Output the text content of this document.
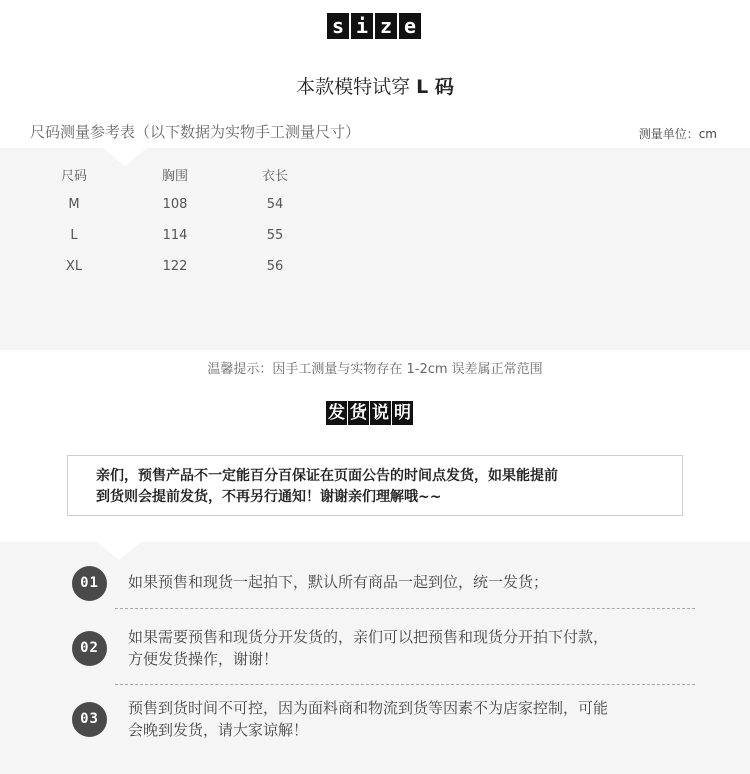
s i z e
本款模特试穿 L 码
尺码测量参考表（以下数据为实物手工测量尺寸）	测量单位：cm
尺码	胸围	衣长
M	108	54
L	114	55
XL	122	56
温馨提示：因手工测量与实物存在 1-2cm 误差属正常范围
发 货 说 明
亲们，预售产品不一定能百分百保证在页面公告的时间点发货，如果能提前
到货则会提前发货，不再另行通知！谢谢亲们理解哦~~
01	如果预售和现货一起拍下，默认所有商品一起到位，统一发货；
02
如果需要预售和现货分开发货的，亲们可以把预售和现货分开拍下付款，
方便发货操作，谢谢！
03
预售到货时间不可控，因为面料商和物流到货等因素不为店家控制，可能
会晚到发货，请大家谅解！
